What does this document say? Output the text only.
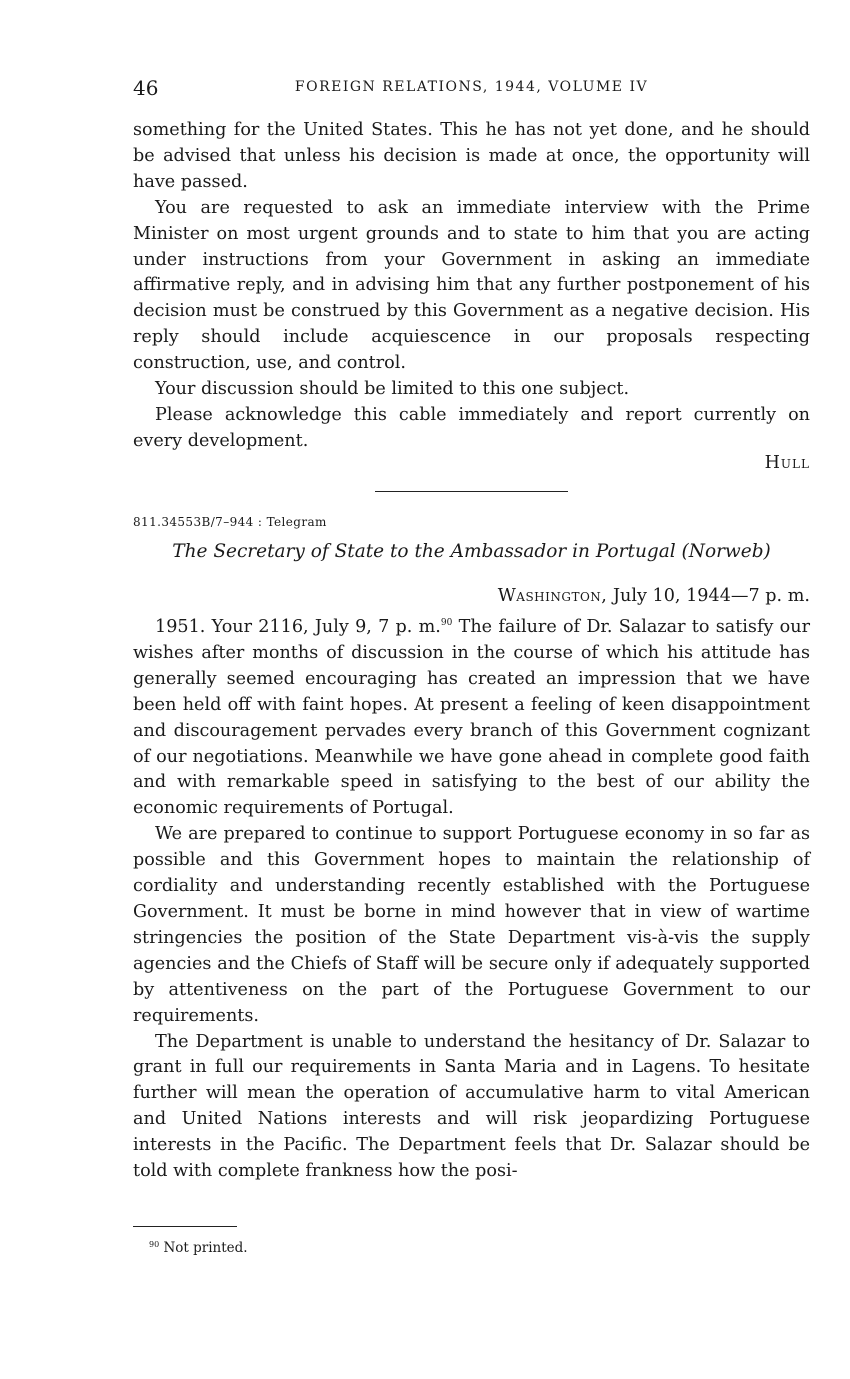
46	FOREIGN RELATIONS, 1944, VOLUME IV

something for the United States. This he has not yet done, and he should be advised that unless his decision is made at once, the opportunity will have passed.

You are requested to ask an immediate interview with the Prime Minister on most urgent grounds and to state to him that you are acting under instructions from your Government in asking an immediate affirmative reply, and in advising him that any further postponement of his decision must be construed by this Government as a negative decision. His reply should include acquiescence in our proposals respecting construction, use, and control.

Your discussion should be limited to this one subject.

Please acknowledge this cable immediately and report currently on every development.

Hull
811.34553B/7–944 : Telegram
The Secretary of State to the Ambassador in Portugal (Norweb)
Washington, July 10, 1944—7 p. m.

1951. Your 2116, July 9, 7 p. m.$^{90}$ The failure of Dr. Salazar to satisfy our wishes after months of discussion in the course of which his attitude has generally seemed encouraging has created an impression that we have been held off with faint hopes. At present a feeling of keen disappointment and discouragement pervades every branch of this Government cognizant of our negotiations. Meanwhile we have gone ahead in complete good faith and with remarkable speed in satisfying to the best of our ability the economic requirements of Portugal.

We are prepared to continue to support Portuguese economy in so far as possible and this Government hopes to maintain the relationship of cordiality and understanding recently established with the Portuguese Government. It must be borne in mind however that in view of wartime stringencies the position of the State Department vis-à-vis the supply agencies and the Chiefs of Staff will be secure only if adequately supported by attentiveness on the part of the Portuguese Government to our requirements.

The Department is unable to understand the hesitancy of Dr. Salazar to grant in full our requirements in Santa Maria and in Lagens. To hesitate further will mean the operation of accumulative harm to vital American and United Nations interests and will risk jeopardizing Portuguese interests in the Pacific. The Department feels that Dr. Salazar should be told with complete frankness how the posi-

$^{90}$ Not printed.
